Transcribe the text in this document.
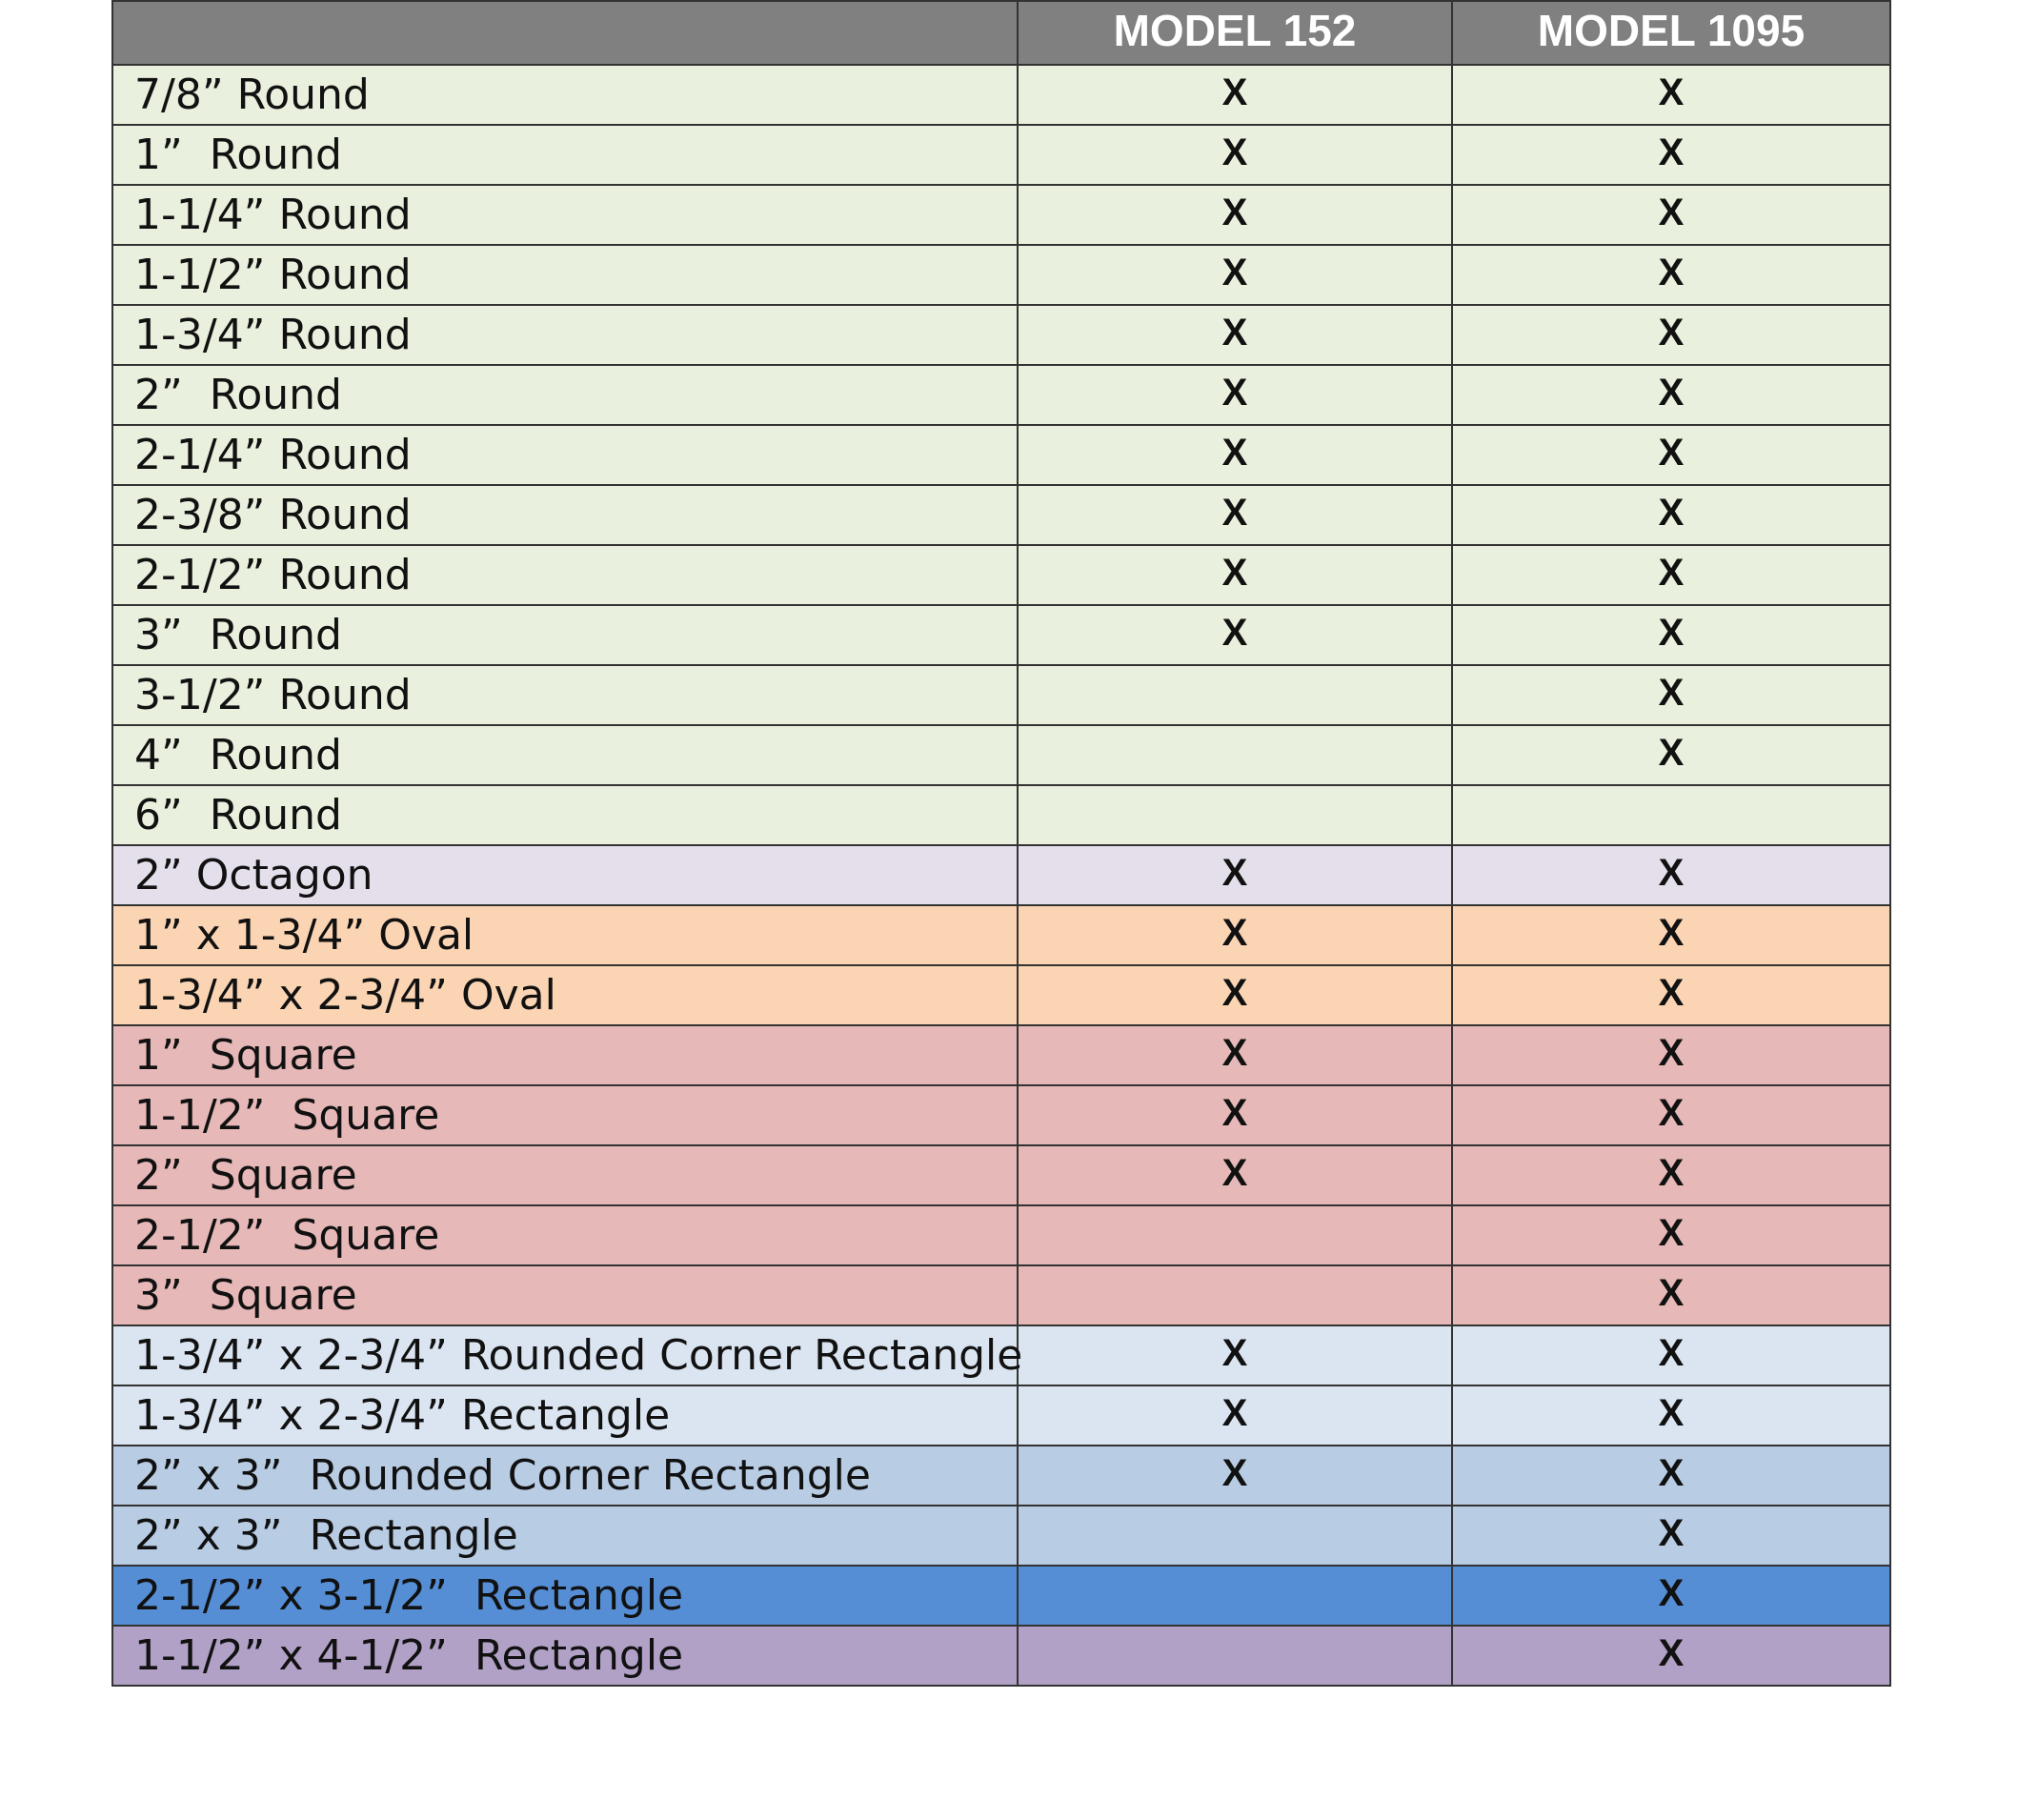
	MODEL 152	MODEL 1095
7/8” Round	X	X
1”  Round	X	X
1-1/4” Round	X	X
1-1/2” Round	X	X
1-3/4” Round	X	X
2”  Round	X	X
2-1/4” Round	X	X
2-3/8” Round	X	X
2-1/2” Round	X	X
3”  Round	X	X
3-1/2” Round		X
4”  Round		X
6”  Round		
2” Octagon	X	X
1” x 1-3/4” Oval	X	X
1-3/4” x 2-3/4” Oval	X	X
1”  Square	X	X
1-1/2”  Square	X	X
2”  Square	X	X
2-1/2”  Square		X
3”  Square		X
1-3/4” x 2-3/4” Rounded Corner Rectangle	X	X
1-3/4” x 2-3/4” Rectangle	X	X
2” x 3”  Rounded Corner Rectangle	X	X
2” x 3”  Rectangle		X
2-1/2” x 3-1/2”  Rectangle		X
1-1/2” x 4-1/2”  Rectangle		X
